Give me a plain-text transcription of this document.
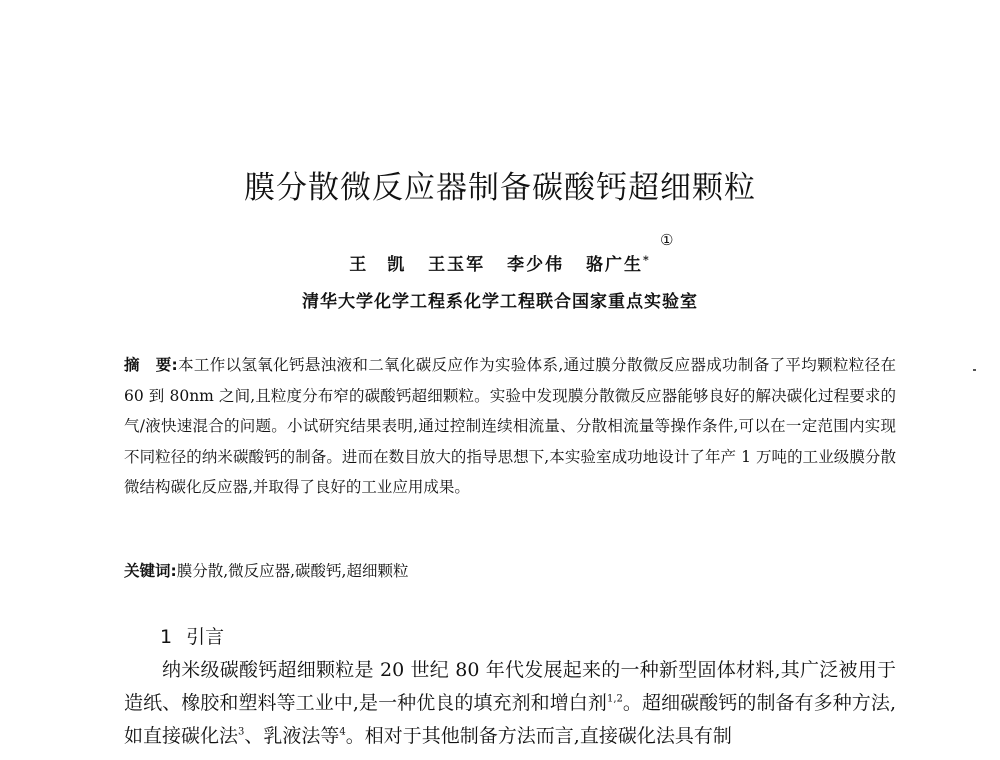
膜分散微反应器制备碳酸钙超细颗粒
王　凯 王玉军 李少伟 骆广生*
①
清华大学化学工程系化学工程联合国家重点实验室
摘　要:本工作以氢氧化钙悬浊液和二氧化碳反应作为实验体系,通过膜分散微反应器成功制备了平均颗粒粒径在 60 到 80nm 之间,且粒度分布窄的碳酸钙超细颗粒。实验中发现膜分散微反应器能够良好的解决碳化过程要求的气/液快速混合的问题。小试研究结果表明,通过控制连续相流量、分散相流量等操作条件,可以在一定范围内实现不同粒径的纳米碳酸钙的制备。进而在数目放大的指导思想下,本实验室成功地设计了年产 1 万吨的工业级膜分散微结构碳化反应器,并取得了良好的工业应用成果。
关键词:膜分散,微反应器,碳酸钙,超细颗粒
1 引言
纳米级碳酸钙超细颗粒是 20 世纪 80 年代发展起来的一种新型固体材料,其广泛被用于造纸、橡胶和塑料等工业中,是一种优良的填充剂和增白剂$^{1,2}$。超细碳酸钙的制备有多种方法,如直接碳化法$^3$、乳液法等$^4$。相对于其他制备方法而言,直接碳化法具有制
